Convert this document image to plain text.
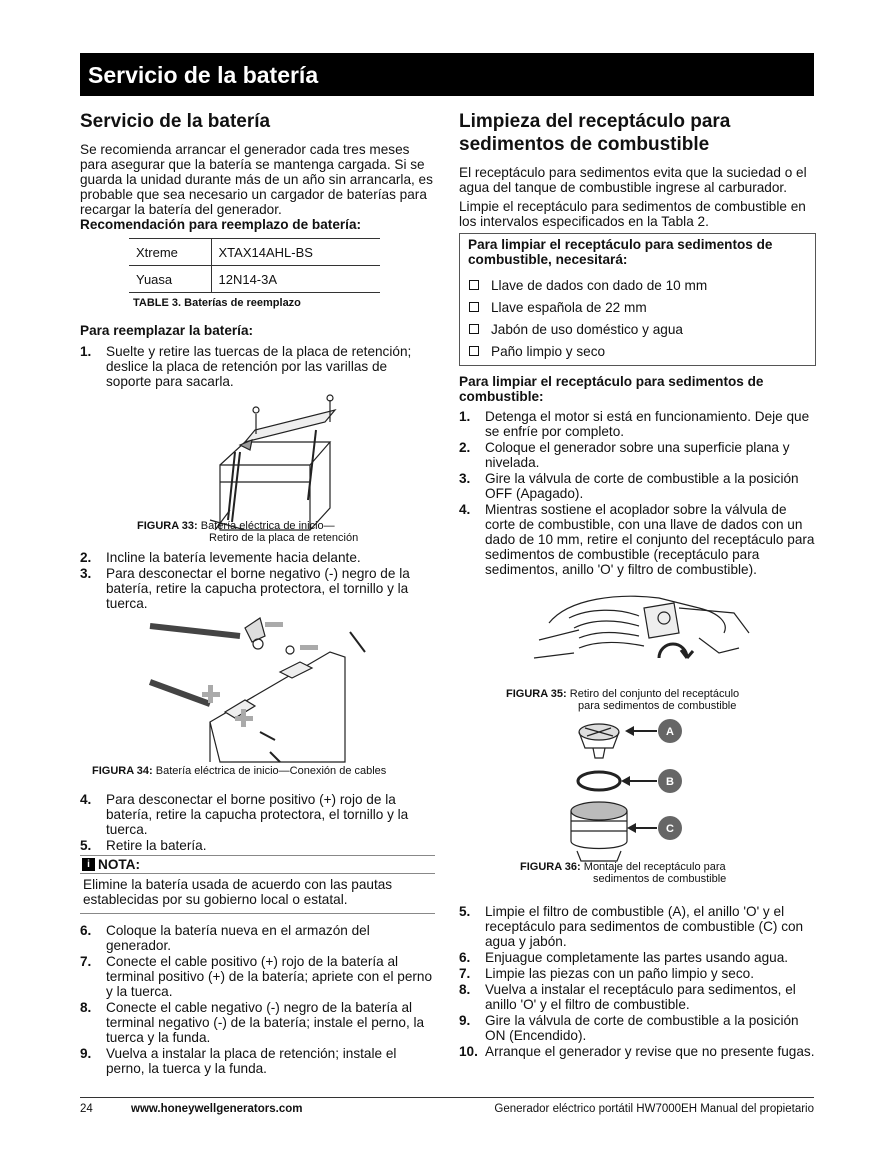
Servicio de la batería
Servicio de la batería

Se recomienda arrancar el generador cada tres meses para asegurar que la batería se mantenga cargada. Si se guarda la unidad durante más de un año sin arrancarla, es probable que sea necesario un cargador de baterías para recargar la batería del generador.

Recomendación para reemplazo de batería:
Xtreme	XTAX14AHL-BS
Yuasa	12N14-3A
TABLE 3. Baterías de reemplazo
Para reemplazar la batería:
1. Suelte y retire las tuercas de la placa de retención; deslice la placa de retención por las varillas de soporte para sacarla.
FIGURA 33: Batería eléctrica de inicio—
Retiro de la placa de retención
2. Incline la batería levemente hacia delante.
3. Para desconectar el borne negativo (-) negro de la batería, retire la capucha protectora, el tornillo y la tuerca.
FIGURA 34: Batería eléctrica de inicio—Conexión de cables
4. Para desconectar el borne positivo (+) rojo de la batería, retire la capucha protectora, el tornillo y la tuerca.
5. Retire la batería.
i NOTA:
Elimine la batería usada de acuerdo con las pautas establecidas por su gobierno local o estatal.
6. Coloque la batería nueva en el armazón del generador.
7. Conecte el cable positivo (+) rojo de la batería al terminal positivo (+) de la batería; apriete con el perno y la tuerca.
8. Conecte el cable negativo (-) negro de la batería al terminal negativo (-) de la batería; instale el perno, la tuerca y la funda.
9. Vuelva a instalar la placa de retención; instale el perno, la tuerca y la funda.
Limpieza del receptáculo para sedimentos de combustible

El receptáculo para sedimentos evita que la suciedad o el agua del tanque de combustible ingrese al carburador.

Limpie el receptáculo para sedimentos de combustible en los intervalos especificados en la Tabla 2.

Para limpiar el receptáculo para sedimentos de combustible, necesitará:
Llave de dados con dado de 10 mm
Llave española de 22 mm
Jabón de uso doméstico y agua
Paño limpio y seco
Para limpiar el receptáculo para sedimentos de combustible:
1. Detenga el motor si está en funcionamiento. Deje que se enfríe por completo.
2. Coloque el generador sobre una superficie plana y nivelada.
3. Gire la válvula de corte de combustible a la posición OFF (Apagado).
4. Mientras sostiene el acoplador sobre la válvula de corte de combustible, con una llave de dados con un dado de 10 mm, retire el conjunto del receptáculo para sedimentos de combustible (receptáculo para sedimentos, anillo 'O' y filtro de combustible).
FIGURA 35: Retiro del conjunto del receptáculo
para sedimentos de combustible
A
B
C
FIGURA 36: Montaje del receptáculo para
sedimentos de combustible
5. Limpie el filtro de combustible (A), el anillo 'O' y el receptáculo para sedimentos de combustible (C) con agua y jabón.
6. Enjuague completamente las partes usando agua.
7. Limpie las piezas con un paño limpio y seco.
8. Vuelva a instalar el receptáculo para sedimentos, el anillo 'O' y el filtro de combustible.
9. Gire la válvula de corte de combustible a la posición ON (Encendido).
10. Arranque el generador y revise que no presente fugas.
24	www.honeywellgenerators.com	Generador eléctrico portátil HW7000EH Manual del propietario
